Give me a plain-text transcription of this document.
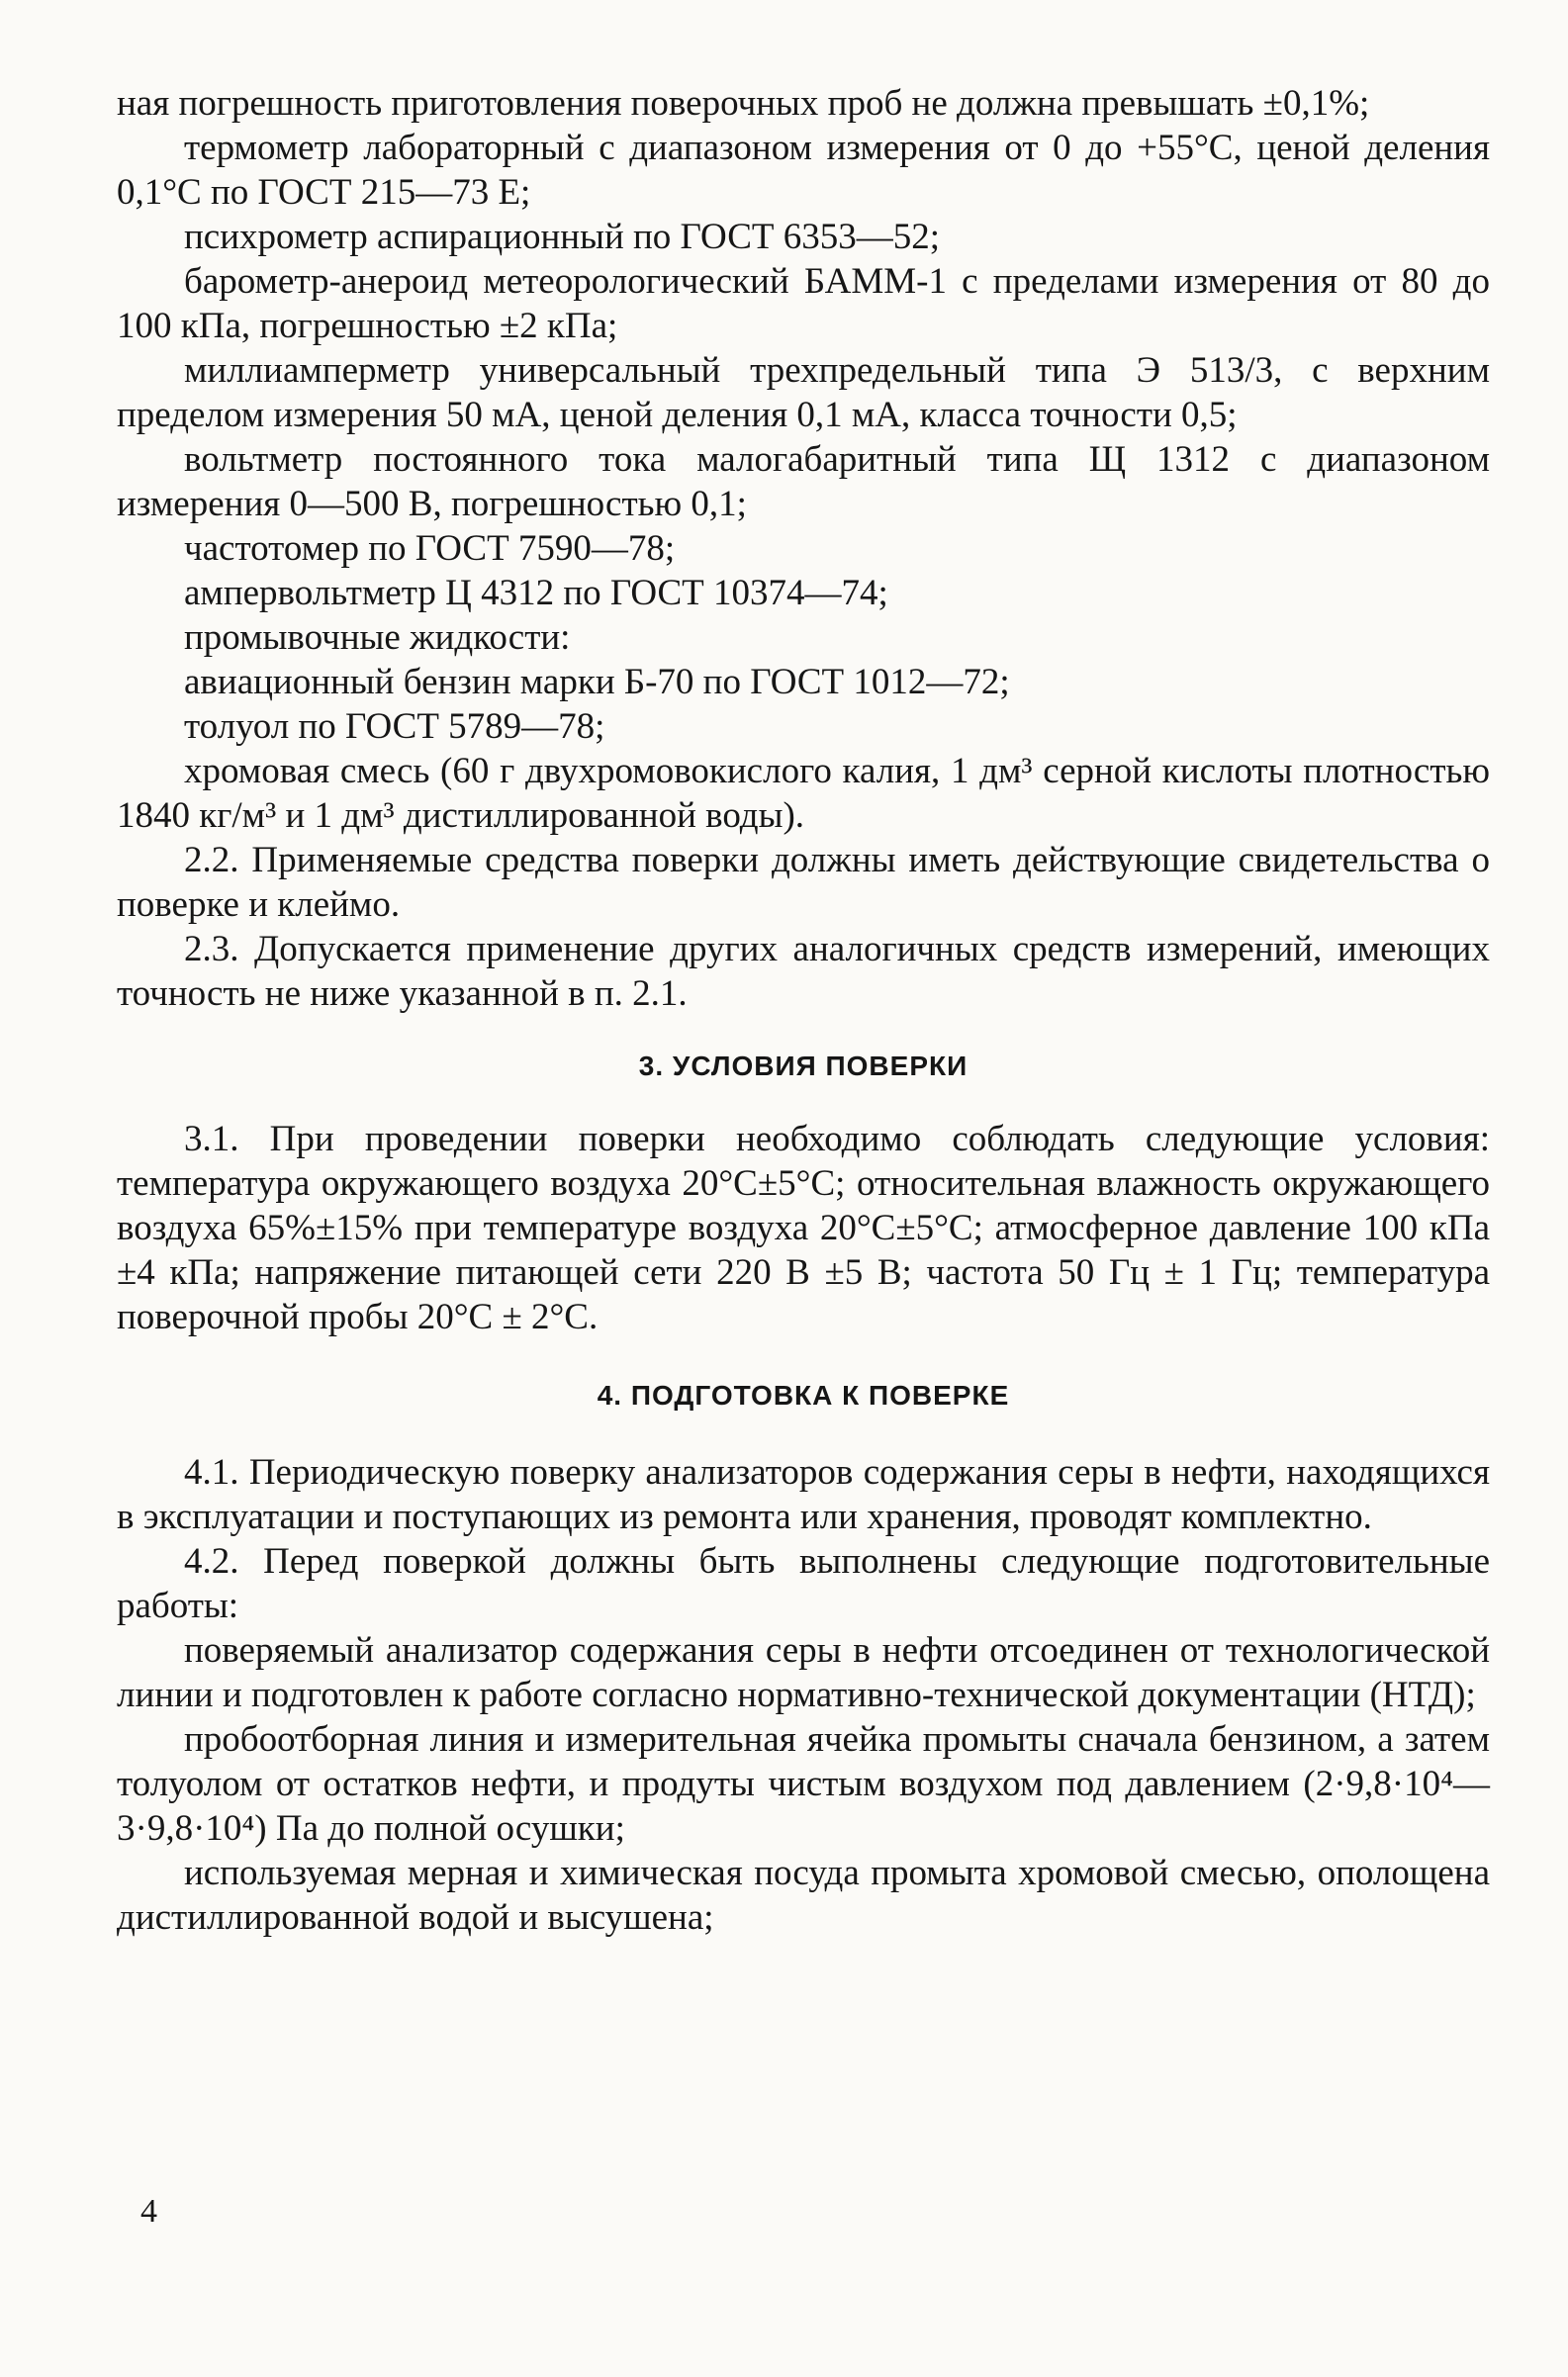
ная погрешность приготовления поверочных проб не должна превышать ±0,1%;

термометр лабораторный с диапазоном измерения от 0 до +55°С, ценой деления 0,1°С по ГОСТ 215—73 Е;

психрометр аспирационный по ГОСТ 6353—52;

барометр-анероид метеорологический БАММ-1 с пределами измерения от 80 до 100 кПа, погрешностью ±2 кПа;

миллиамперметр универсальный трехпредельный типа Э 513/3, с верхним пределом измерения 50 мА, ценой деления 0,1 мА, класса точности 0,5;

вольтметр постоянного тока малогабаритный типа Щ 1312 с диапазоном измерения 0—500 В, погрешностью 0,1;

частотомер по ГОСТ 7590—78;

ампервольтметр Ц 4312 по ГОСТ 10374—74;

промывочные жидкости:

авиационный бензин марки Б-70 по ГОСТ 1012—72;

толуол по ГОСТ 5789—78;

хромовая смесь (60 г двухромовокислого калия, 1 дм³ серной кислоты плотностью 1840 кг/м³ и 1 дм³ дистиллированной воды).

2.2. Применяемые средства поверки должны иметь действующие свидетельства о поверке и клеймо.

2.3. Допускается применение других аналогичных средств измерений, имеющих точность не ниже указанной в п. 2.1.

3. УСЛОВИЯ ПОВЕРКИ

3.1. При проведении поверки необходимо соблюдать следующие условия: температура окружающего воздуха 20°С±5°С; относительная влажность окружающего воздуха 65%±15% при температуре воздуха 20°С±5°С; атмосферное давление 100 кПа ±4 кПа; напряжение питающей сети 220 В ±5 В; частота 50 Гц ± 1 Гц; температура поверочной пробы 20°С ± 2°С.

4. ПОДГОТОВКА К ПОВЕРКЕ

4.1. Периодическую поверку анализаторов содержания серы в нефти, находящихся в эксплуатации и поступающих из ремонта или хранения, проводят комплектно.

4.2. Перед поверкой должны быть выполнены следующие подготовительные работы:

поверяемый анализатор содержания серы в нефти отсоединен от технологической линии и подготовлен к работе согласно нормативно-технической документации (НТД);

пробоотборная линия и измерительная ячейка промыты сначала бензином, а затем толуолом от остатков нефти, и продуты чистым воздухом под давлением (2·9,8·10⁴—3·9,8·10⁴) Па до полной осушки;

используемая мерная и химическая посуда промыта хромовой смесью, ополощена дистиллированной водой и высушена;

4
